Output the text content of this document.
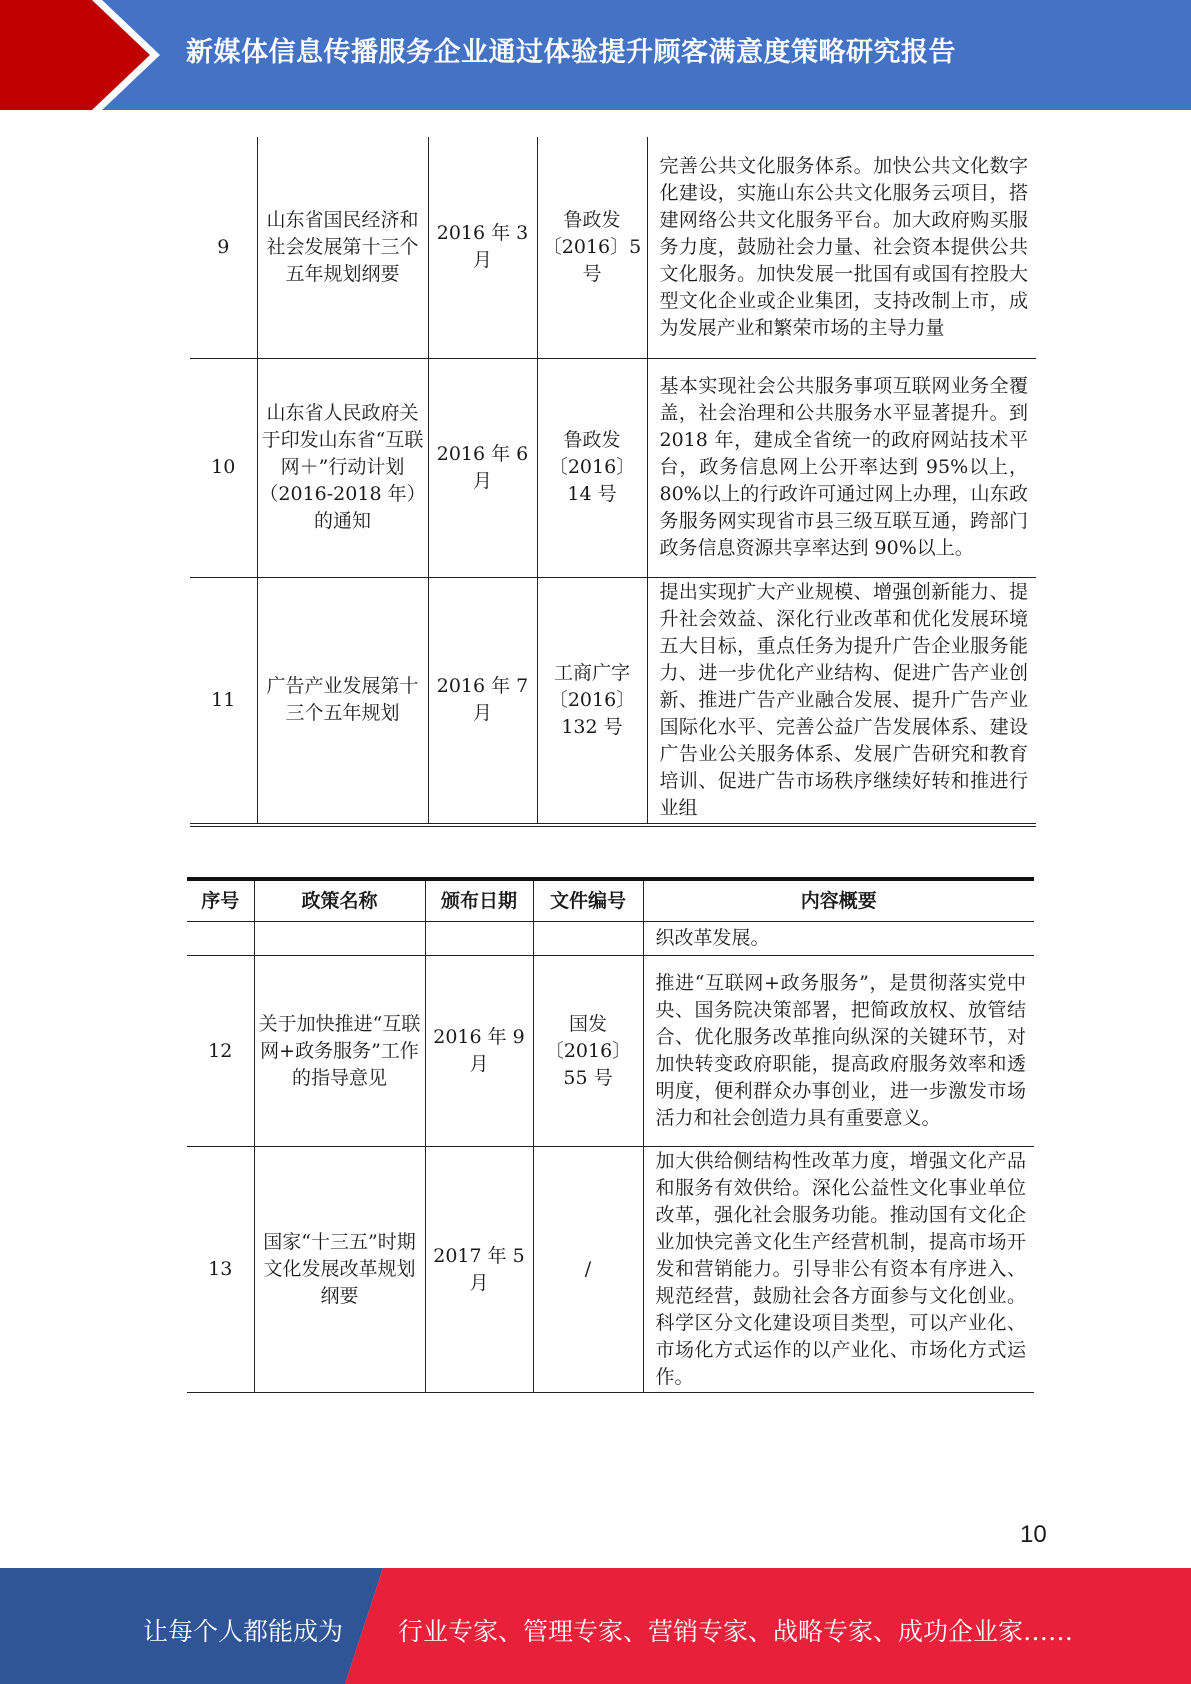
新媒体信息传播服务企业通过体验提升顾客满意度策略研究报告
9	山东省国民经济和社会发展第十三个五年规划纲要	2016 年 3 月	鲁政发〔2016〕5 号	完善公共文化服务体系。加快公共文化数字化建设，实施山东公共文化服务云项目，搭建网络公共文化服务平台。加大政府购买服务力度，鼓励社会力量、社会资本提供公共文化服务。加快发展一批国有或国有控股大型文化企业或企业集团，支持改制上市，成为发展产业和繁荣市场的主导力量
10	山东省人民政府关于印发山东省“互联网＋”行动计划（2016-2018 年）的通知	2016 年 6 月	鲁政发〔2016〕14 号	基本实现社会公共服务事项互联网业务全覆盖，社会治理和公共服务水平显著提升。到 2018 年，建成全省统一的政府网站技术平台，政务信息网上公开率达到 95%以上，80%以上的行政许可通过网上办理，山东政务服务网实现省市县三级互联互通，跨部门政务信息资源共享率达到 90%以上。
11	广告产业发展第十三个五年规划	2016 年 7 月	工商广字〔2016〕132 号	提出实现扩大产业规模、增强创新能力、提升社会效益、深化行业改革和优化发展环境五大目标，重点任务为提升广告企业服务能力、进一步优化产业结构、促进广告产业创新、推进广告产业融合发展、提升广告产业国际化水平、完善公益广告发展体系、建设广告业公关服务体系、发展广告研究和教育培训、促进广告市场秩序继续好转和推进行业组
序号	政策名称	颁布日期	文件编号	内容概要
				织改革发展。
12	关于加快推进“互联网+政务服务”工作的指导意见	2016 年 9 月	国发〔2016〕55 号	推进“互联网+政务服务”，是贯彻落实党中央、国务院决策部署，把简政放权、放管结合、优化服务改革推向纵深的关键环节，对加快转变政府职能，提高政府服务效率和透明度，便利群众办事创业，进一步激发市场活力和社会创造力具有重要意义。
13	国家“十三五”时期文化发展改革规划纲要	2017 年 5 月	/	加大供给侧结构性改革力度，增强文化产品和服务有效供给。深化公益性文化事业单位改革，强化社会服务功能。推动国有文化企业加快完善文化生产经营机制，提高市场开发和营销能力。引导非公有资本有序进入、规范经营，鼓励社会各方面参与文化创业。科学区分文化建设项目类型，可以产业化、市场化方式运作的以产业化、市场化方式运作。
10
让每个人都能成为 行业专家、管理专家、营销专家、战略专家、成功企业家……
